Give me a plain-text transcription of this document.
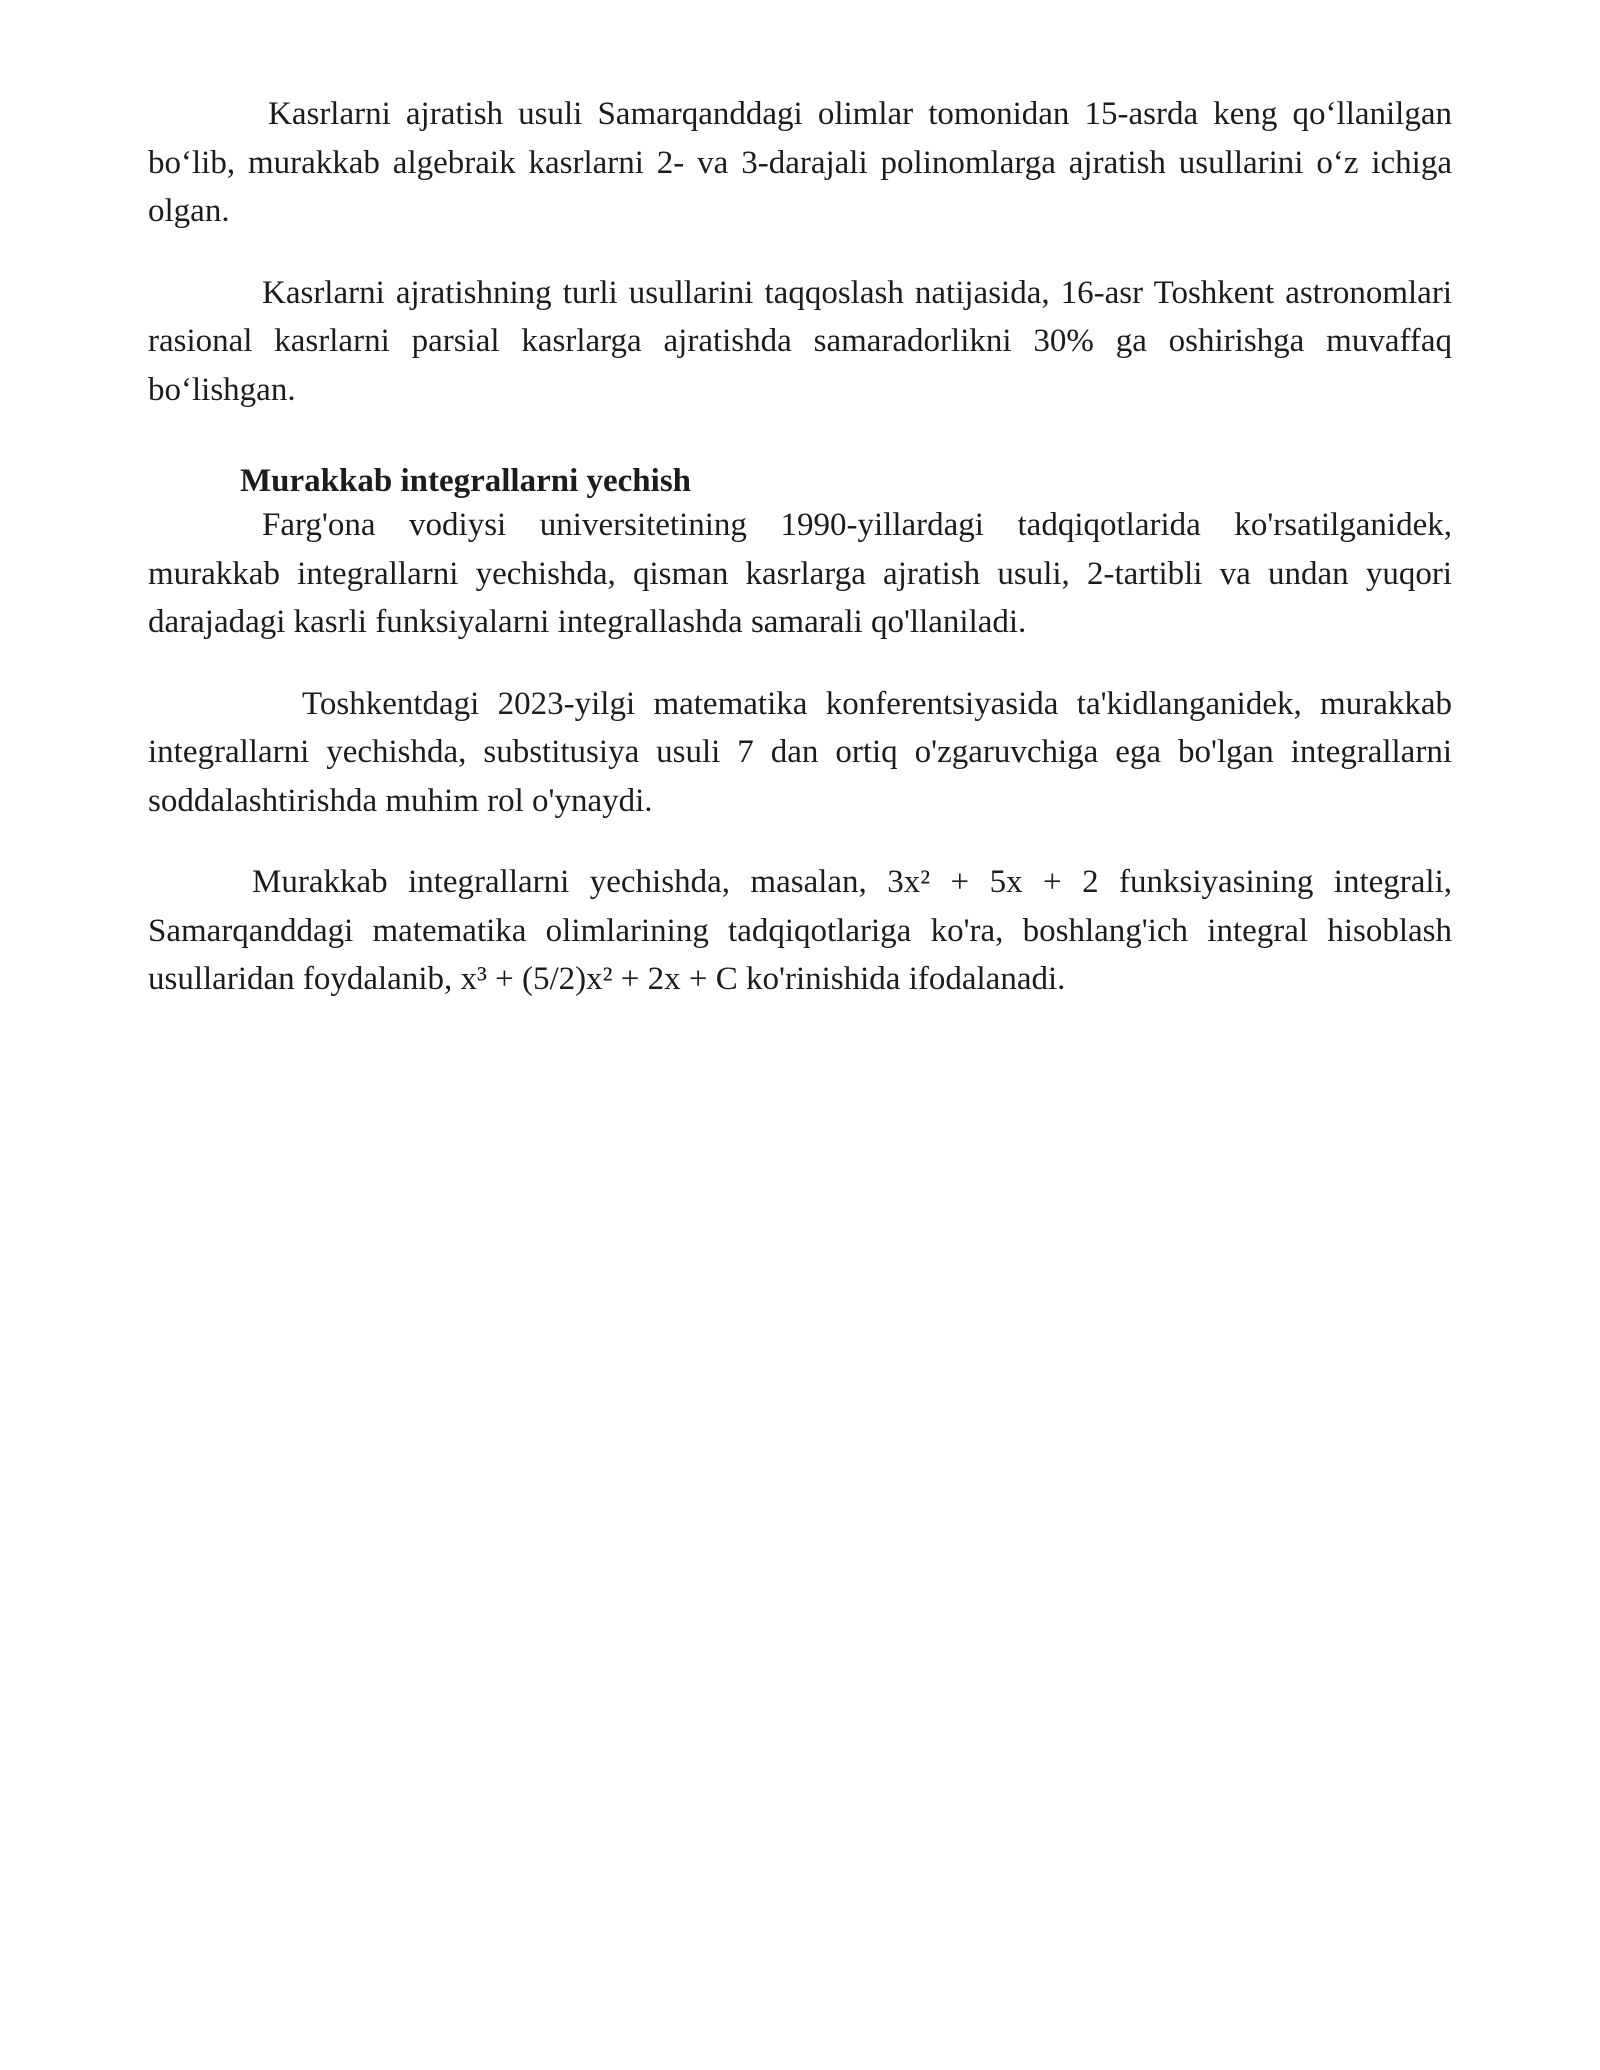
Kasrlarni ajratish usuli Samarqanddagi olimlar tomonidan 15-asrda keng qo‘llanilgan bo‘lib, murakkab algebraik kasrlarni 2- va 3-darajali polinomlarga ajratish usullarini o‘z ichiga olgan.

Kasrlarni ajratishning turli usullarini taqqoslash natijasida, 16-asr Toshkent astronomlari rasional kasrlarni parsial kasrlarga ajratishda samaradorlikni 30% ga oshirishga muvaffaq bo‘lishgan.

Murakkab integrallarni yechish

Farg'ona vodiysi universitetining 1990-yillardagi tadqiqotlarida ko'rsatilganidek, murakkab integrallarni yechishda, qisman kasrlarga ajratish usuli, 2-tartibli va undan yuqori darajadagi kasrli funksiyalarni integrallashda samarali qo'llaniladi.

Toshkentdagi 2023-yilgi matematika konferentsiyasida ta'kidlanganidek, murakkab integrallarni yechishda, substitusiya usuli 7 dan ortiq o'zgaruvchiga ega bo'lgan integrallarni soddalashtirishda muhim rol o'ynaydi.

Murakkab integrallarni yechishda, masalan, 3x² + 5x + 2 funksiyasining integrali, Samarqanddagi matematika olimlarining tadqiqotlariga ko'ra, boshlang'ich integral hisoblash usullaridan foydalanib, x³ + (5/2)x² + 2x + C ko'rinishida ifodalanadi.
